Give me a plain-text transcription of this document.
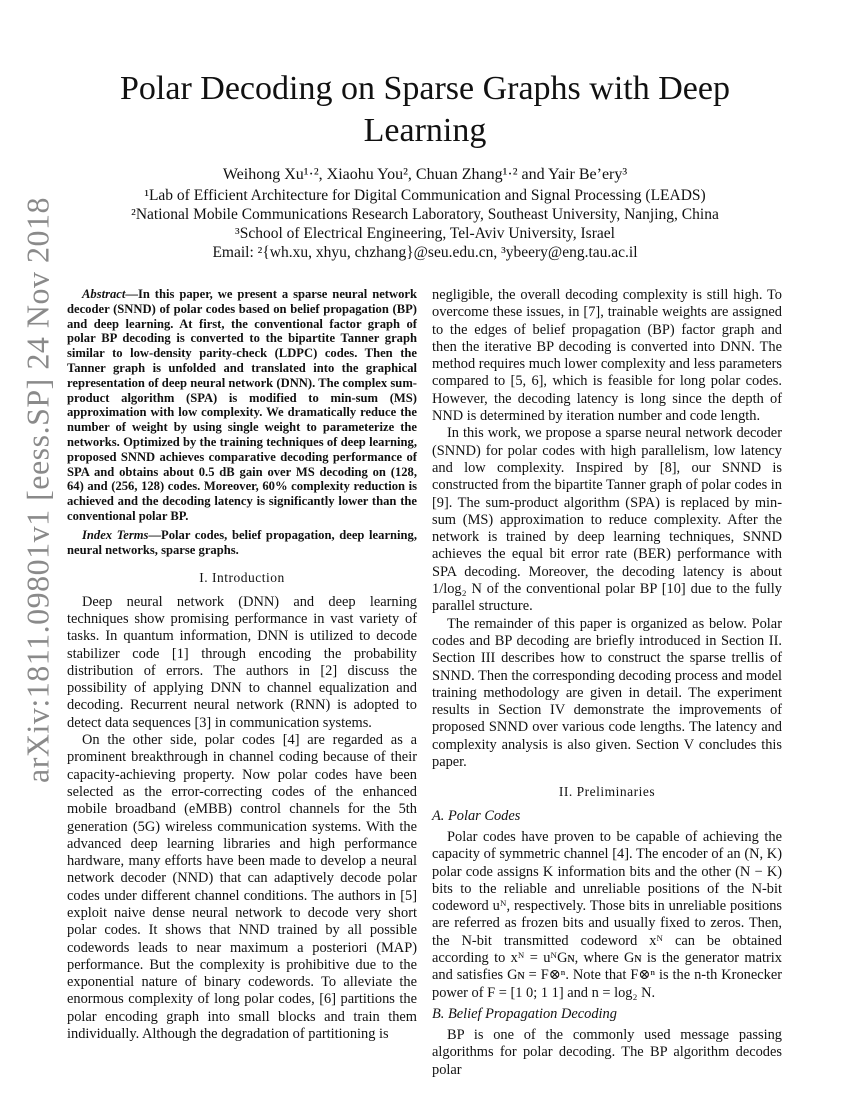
arXiv:1811.09801v1 [eess.SP] 24 Nov 2018
Polar Decoding on Sparse Graphs with Deep Learning
Weihong Xu¹·², Xiaohu You², Chuan Zhang¹·² and Yair Be’ery³
¹Lab of Efficient Architecture for Digital Communication and Signal Processing (LEADS)
²National Mobile Communications Research Laboratory, Southeast University, Nanjing, China
³School of Electrical Engineering, Tel-Aviv University, Israel
Email: ²{wh.xu, xhyu, chzhang}@seu.edu.cn, ³ybeery@eng.tau.ac.il

Abstract—In this paper, we present a sparse neural network decoder (SNND) of polar codes based on belief propagation (BP) and deep learning. At first, the conventional factor graph of polar BP decoding is converted to the bipartite Tanner graph similar to low-density parity-check (LDPC) codes. Then the Tanner graph is unfolded and translated into the graphical representation of deep neural network (DNN). The complex sum-product algorithm (SPA) is modified to min-sum (MS) approximation with low complexity. We dramatically reduce the number of weight by using single weight to parameterize the networks. Optimized by the training techniques of deep learning, proposed SNND achieves comparative decoding performance of SPA and obtains about 0.5 dB gain over MS decoding on (128, 64) and (256, 128) codes. Moreover, 60% complexity reduction is achieved and the decoding latency is significantly lower than the conventional polar BP.

Index Terms—Polar codes, belief propagation, deep learning, neural networks, sparse graphs.

I. Introduction

Deep neural network (DNN) and deep learning techniques show promising performance in vast variety of tasks. In quantum information, DNN is utilized to decode stabilizer code [1] through encoding the probability distribution of errors. The authors in [2] discuss the possibility of applying DNN to channel equalization and decoding. Recurrent neural network (RNN) is adopted to detect data sequences [3] in communication systems.

On the other side, polar codes [4] are regarded as a prominent breakthrough in channel coding because of their capacity-achieving property. Now polar codes have been selected as the error-correcting codes of the enhanced mobile broadband (eMBB) control channels for the 5th generation (5G) wireless communication systems. With the advanced deep learning libraries and high performance hardware, many efforts have been made to develop a neural network decoder (NND) that can adaptively decode polar codes under different channel conditions. The authors in [5] exploit naive dense neural network to decode very short polar codes. It shows that NND trained by all possible codewords leads to near maximum a posteriori (MAP) performance. But the complexity is prohibitive due to the exponential nature of binary codewords. To alleviate the enormous complexity of long polar codes, [6] partitions the polar encoding graph into small blocks and train them individually. Although the degradation of partitioning is

negligible, the overall decoding complexity is still high. To overcome these issues, in [7], trainable weights are assigned to the edges of belief propagation (BP) factor graph and then the iterative BP decoding is converted into DNN. The method requires much lower complexity and less parameters compared to [5, 6], which is feasible for long polar codes. However, the decoding latency is long since the depth of NND is determined by iteration number and code length.

In this work, we propose a sparse neural network decoder (SNND) for polar codes with high parallelism, low latency and low complexity. Inspired by [8], our SNND is constructed from the bipartite Tanner graph of polar codes in [9]. The sum-product algorithm (SPA) is replaced by min-sum (MS) approximation to reduce complexity. After the network is trained by deep learning techniques, SNND achieves the equal bit error rate (BER) performance with SPA decoding. Moreover, the decoding latency is about 1/log₂ N of the conventional polar BP [10] due to the fully parallel structure.

The remainder of this paper is organized as below. Polar codes and BP decoding are briefly introduced in Section II. Section III describes how to construct the sparse trellis of SNND. Then the corresponding decoding process and model training methodology are given in detail. The experiment results in Section IV demonstrate the improvements of proposed SNND over various code lengths. The latency and complexity analysis is also given. Section V concludes this paper.

II. Preliminaries
A. Polar Codes

Polar codes have proven to be capable of achieving the capacity of symmetric channel [4]. The encoder of an (N, K) polar code assigns K information bits and the other (N − K) bits to the reliable and unreliable positions of the N-bit codeword uᴺ, respectively. Those bits in unreliable positions are referred as frozen bits and usually fixed to zeros. Then, the N-bit transmitted codeword xᴺ can be obtained according to xᴺ = uᴺGɴ, where Gɴ is the generator matrix and satisfies Gɴ = F⊗ⁿ. Note that F⊗ⁿ is the n-th Kronecker power of F = [1 0; 1 1] and n = log₂ N.

B. Belief Propagation Decoding

BP is one of the commonly used message passing algorithms for polar decoding. The BP algorithm decodes polar
